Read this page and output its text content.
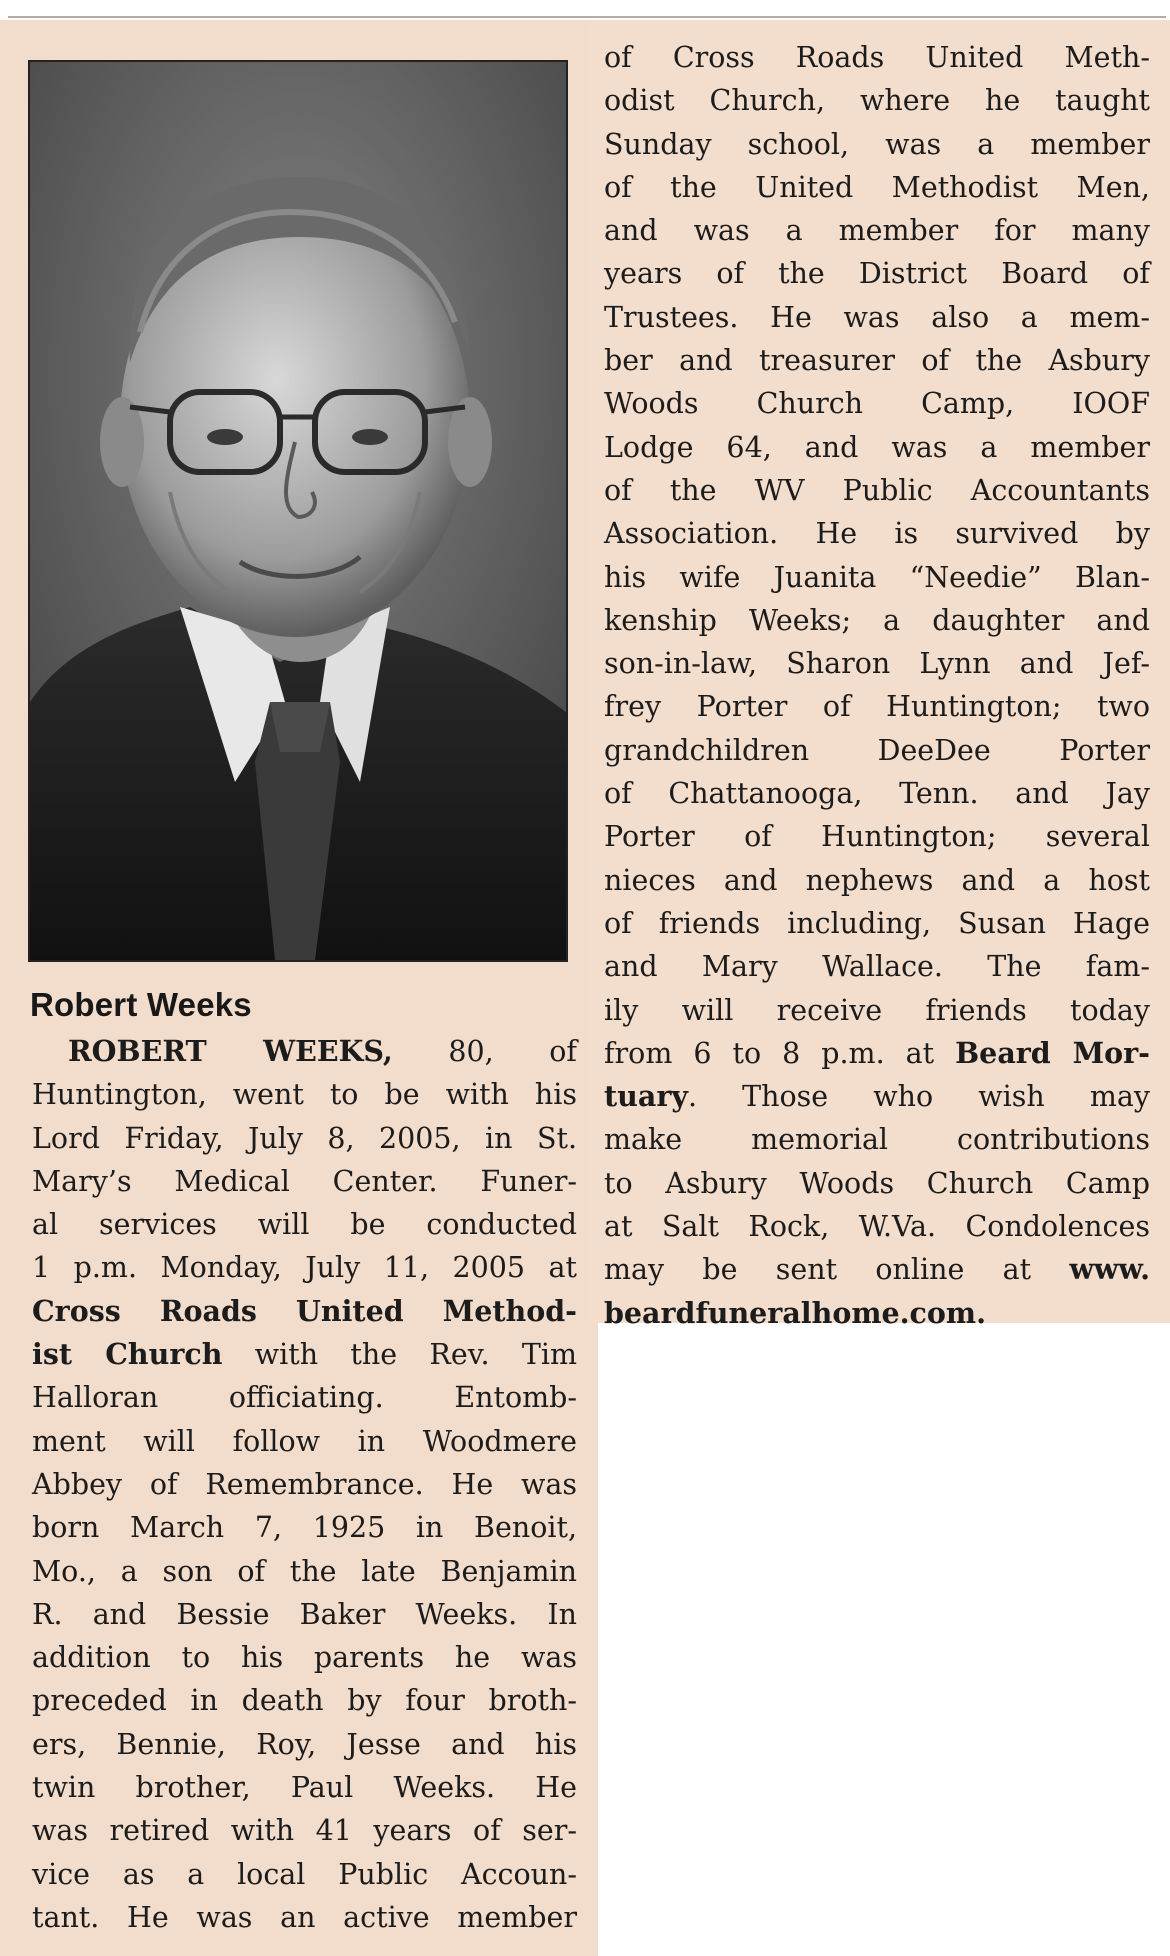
Robert Weeks
ROBERT WEEKS, 80, of
Huntington, went to be with his
Lord Friday, July 8, 2005, in St.
Mary’s Medical Center. Funer-
al services will be conducted
1 p.m. Monday, July 11, 2005 at
Cross Roads United Method-
ist Church with the Rev. Tim
Halloran officiating. Entomb-
ment will follow in Woodmere
Abbey of Remembrance. He was
born March 7, 1925 in Benoit,
Mo., a son of the late Benjamin
R. and Bessie Baker Weeks. In
addition to his parents he was
preceded in death by four broth-
ers, Bennie, Roy, Jesse and his
twin brother, Paul Weeks. He
was retired with 41 years of ser-
vice as a local Public Accoun-
tant. He was an active member
of Cross Roads United Meth-
odist Church, where he taught
Sunday school, was a member
of the United Methodist Men,
and was a member for many
years of the District Board of
Trustees. He was also a mem-
ber and treasurer of the Asbury
Woods Church Camp, IOOF
Lodge 64, and was a member
of the WV Public Accountants
Association. He is survived by
his wife Juanita “Needie” Blan-
kenship Weeks; a daughter and
son-in-law, Sharon Lynn and Jef-
frey Porter of Huntington; two
grandchildren DeeDee Porter
of Chattanooga, Tenn. and Jay
Porter of Huntington; several
nieces and nephews and a host
of friends including, Susan Hage
and Mary Wallace. The fam-
ily will receive friends today
from 6 to 8 p.m. at Beard Mor-
tuary. Those who wish may
make memorial contributions
to Asbury Woods Church Camp
at Salt Rock, W.Va. Condolences
may be sent online at www.
beardfuneralhome.com.
